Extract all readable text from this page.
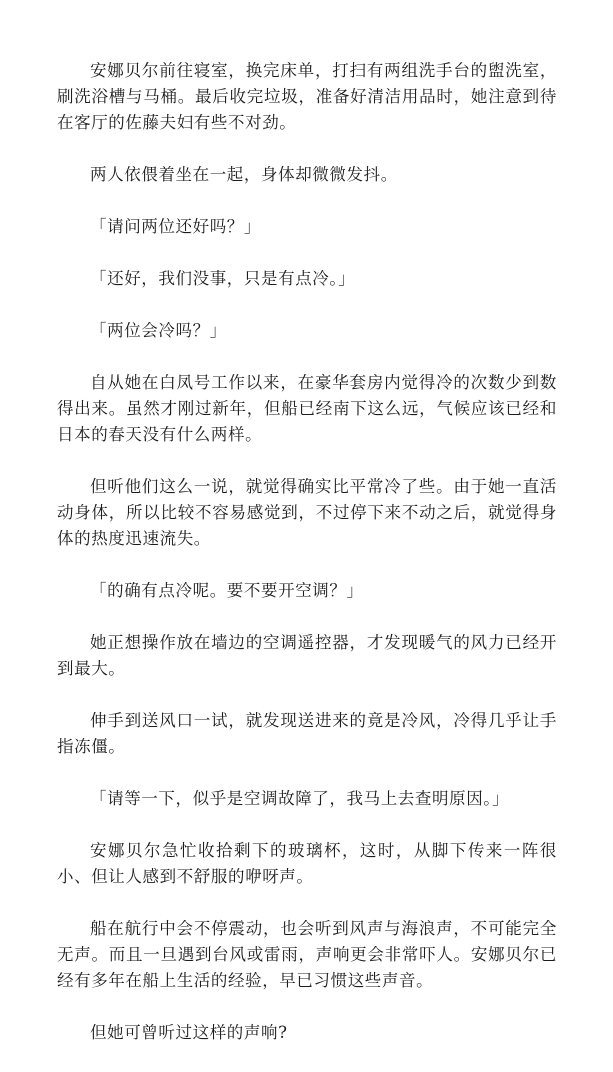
安娜贝尔前往寝室，换完床单，打扫有两组洗手台的盥洗室，刷洗浴槽与马桶。最后收完垃圾，准备好清洁用品时，她注意到待在客厅的佐藤夫妇有些不对劲。

两人依偎着坐在一起，身体却微微发抖。

「请问两位还好吗？」

「还好，我们没事，只是有点冷。」

「两位会冷吗？」

自从她在白凤号工作以来，在豪华套房内觉得冷的次数少到数得出来。虽然才刚过新年，但船已经南下这么远，气候应该已经和日本的春天没有什么两样。

但听他们这么一说，就觉得确实比平常冷了些。由于她一直活动身体，所以比较不容易感觉到，不过停下来不动之后，就觉得身体的热度迅速流失。

「的确有点冷呢。要不要开空调？」

她正想操作放在墙边的空调遥控器，才发现暖气的风力已经开到最大。

伸手到送风口一试，就发现送进来的竟是冷风，冷得几乎让手指冻僵。

「请等一下，似乎是空调故障了，我马上去查明原因。」

安娜贝尔急忙收拾剩下的玻璃杯，这时，从脚下传来一阵很小、但让人感到不舒服的咿呀声。

船在航行中会不停震动，也会听到风声与海浪声，不可能完全无声。而且一旦遇到台风或雷雨，声响更会非常吓人。安娜贝尔已经有多年在船上生活的经验，早已习惯这些声音。

但她可曾听过这样的声响?
